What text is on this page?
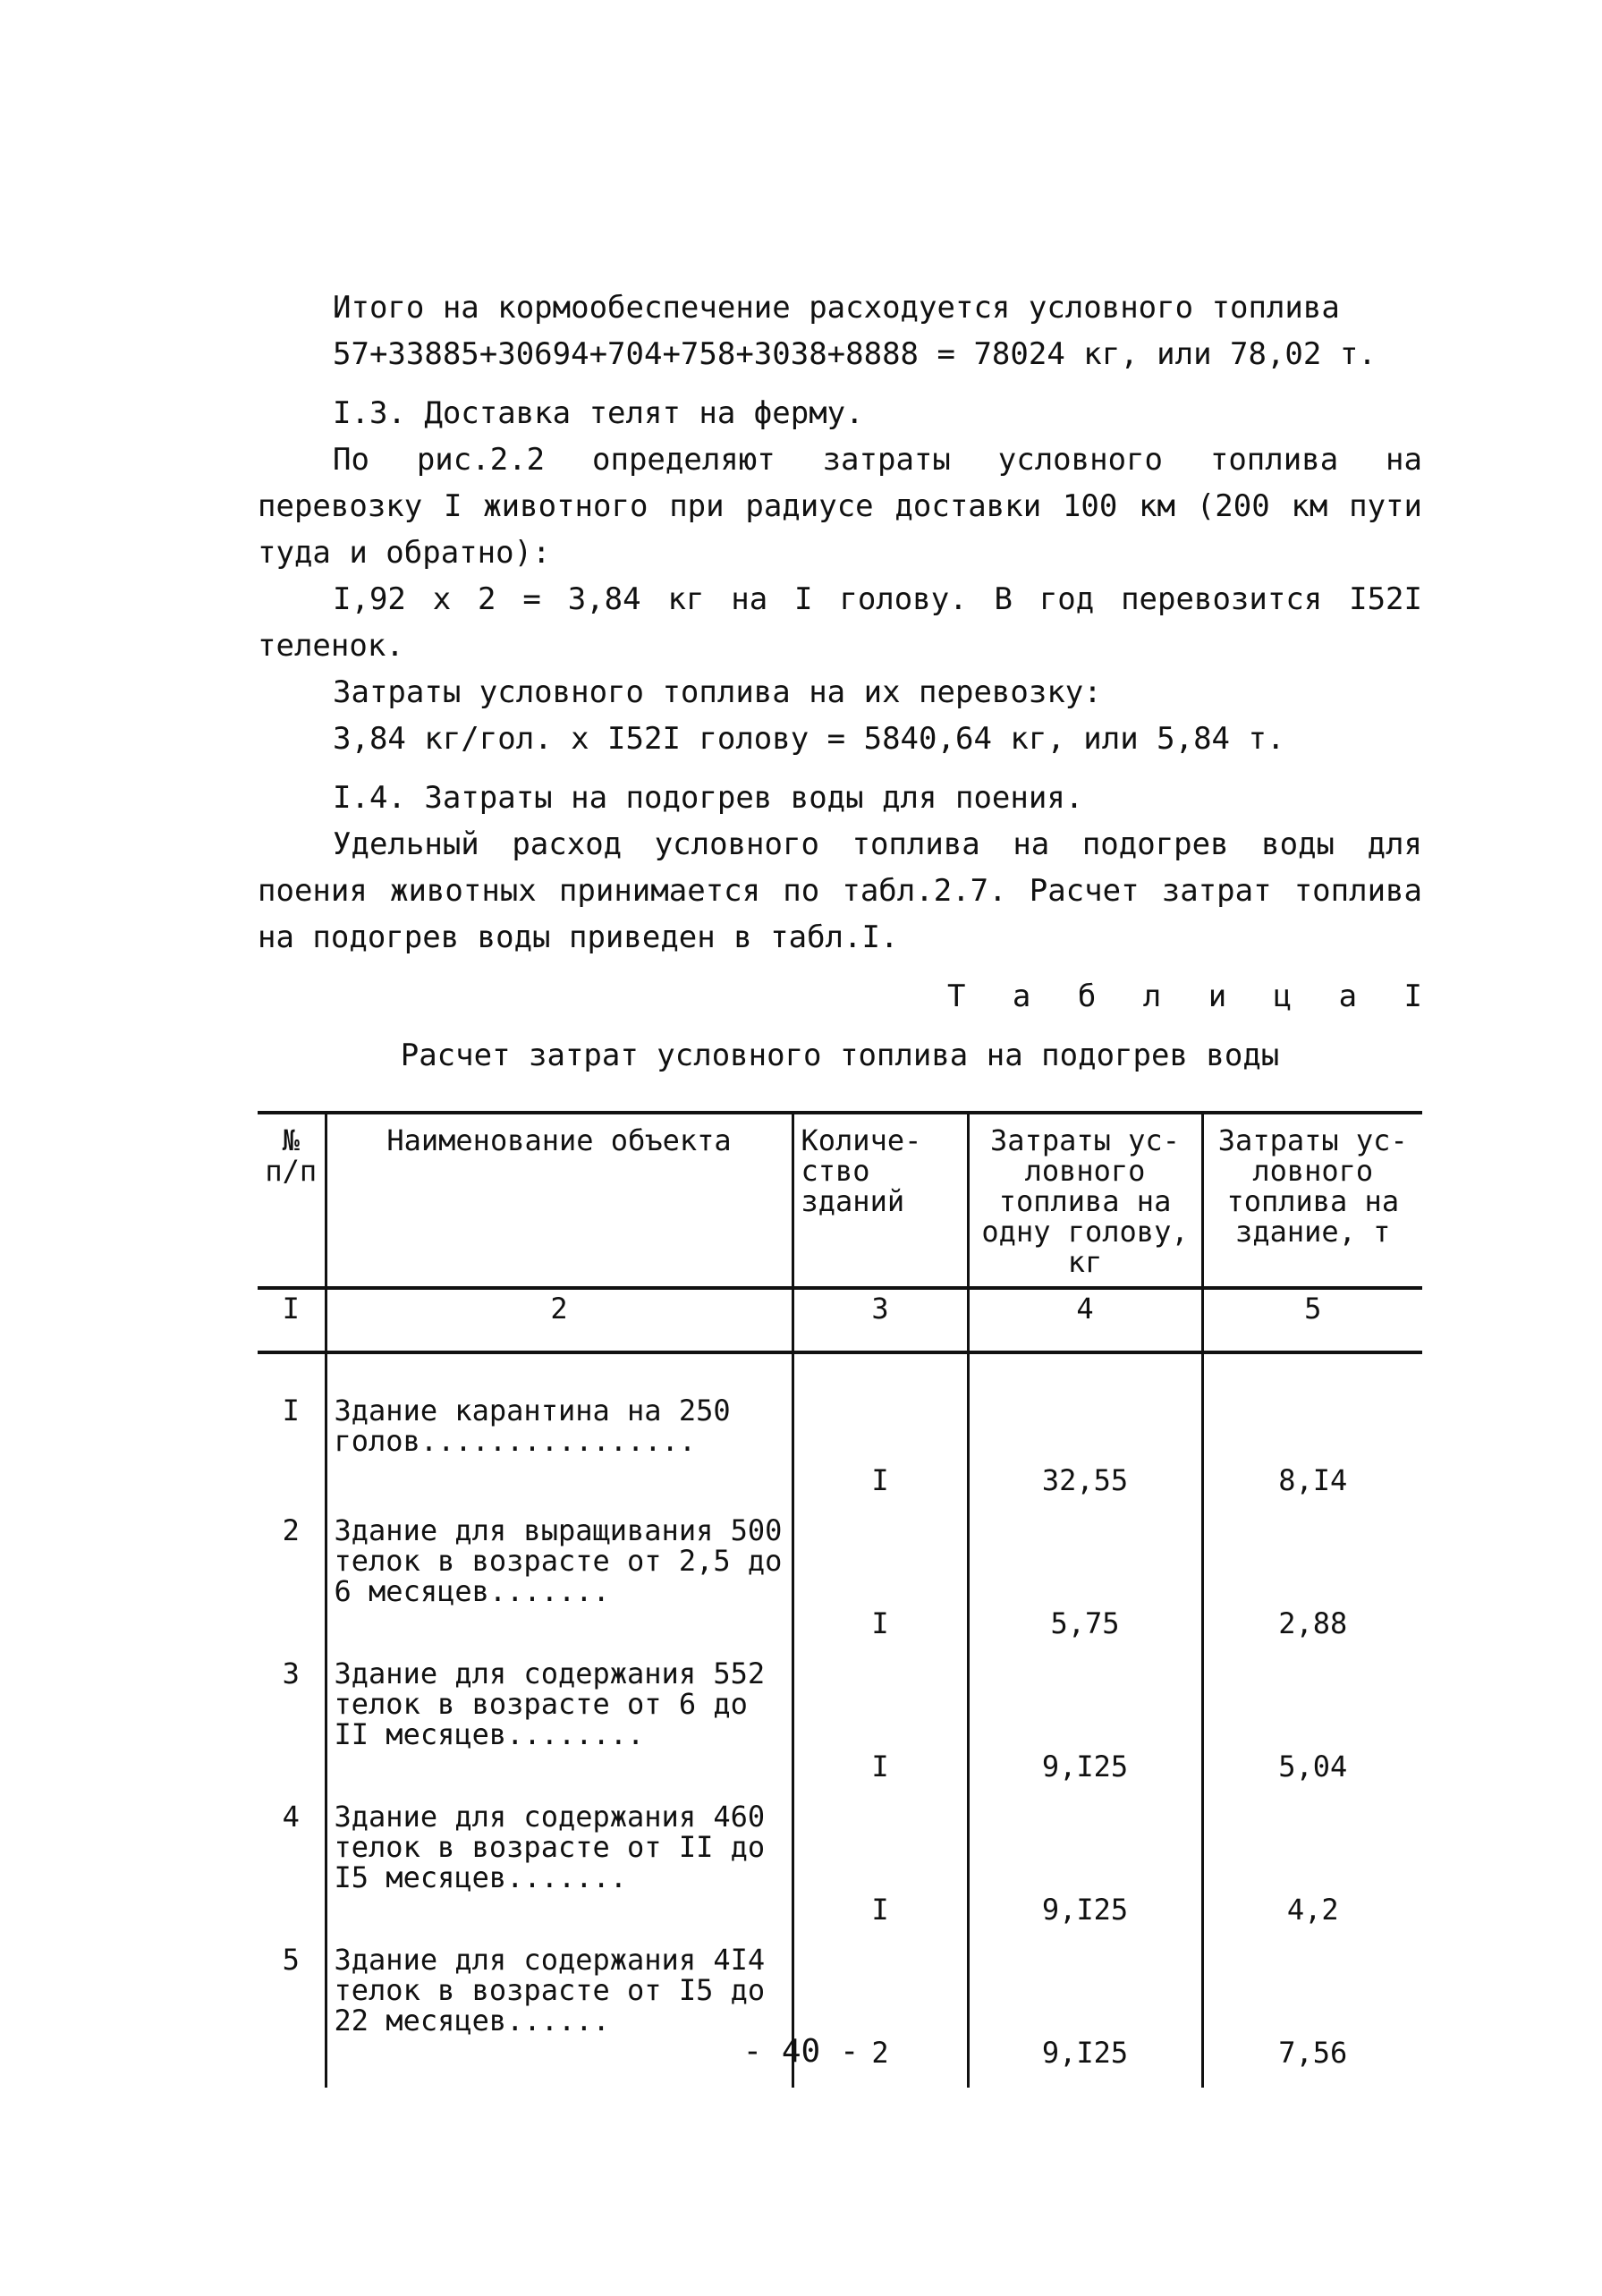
Итого на кормообеспечение расходуется условного топлива

57+33885+30694+704+758+3038+8888 = 78024 кг, или 78,02 т.

I.3. Доставка телят на ферму.

По рис.2.2 определяют затраты условного топлива на перевозку I животного при радиусе доставки 100 км (200 км пути туда и обратно):

I,92 х 2 = 3,84 кг на I голову. В год перевозится I52I теленок.

Затраты условного топлива на их перевозку:

3,84 кг/гол. х I52I голову = 5840,64 кг, или 5,84 т.

I.4. Затраты на подогрев воды для поения.

Удельный расход условного топлива на подогрев воды для поения животных принимается по табл.2.7. Расчет затрат топлива на подогрев воды приведен в табл.I.

Т а б л и ц а I

Расчет затрат условного топлива на подогрев воды

№ п/п	Наименование объекта	Количе- ство зданий	Затраты ус- ловного топлива на одну голову, кг	Затраты ус- ловного топлива на здание, т
I	2	3	4	5
I	Здание карантина на 250 голов................	I	32,55	8,I4
2	Здание для выращивания 500 телок в возрасте от 2,5 до 6 месяцев.......	I	5,75	2,88
3	Здание для содержания 552 телок в возрасте от 6 до II месяцев........	I	9,I25	5,04
4	Здание для содержания 460 телок в возрасте от II до I5 месяцев.......	I	9,I25	4,2
5	Здание для содержания 4I4 телок в возрасте от I5 до 22 месяцев......	2	9,I25	7,56
- 40 -
